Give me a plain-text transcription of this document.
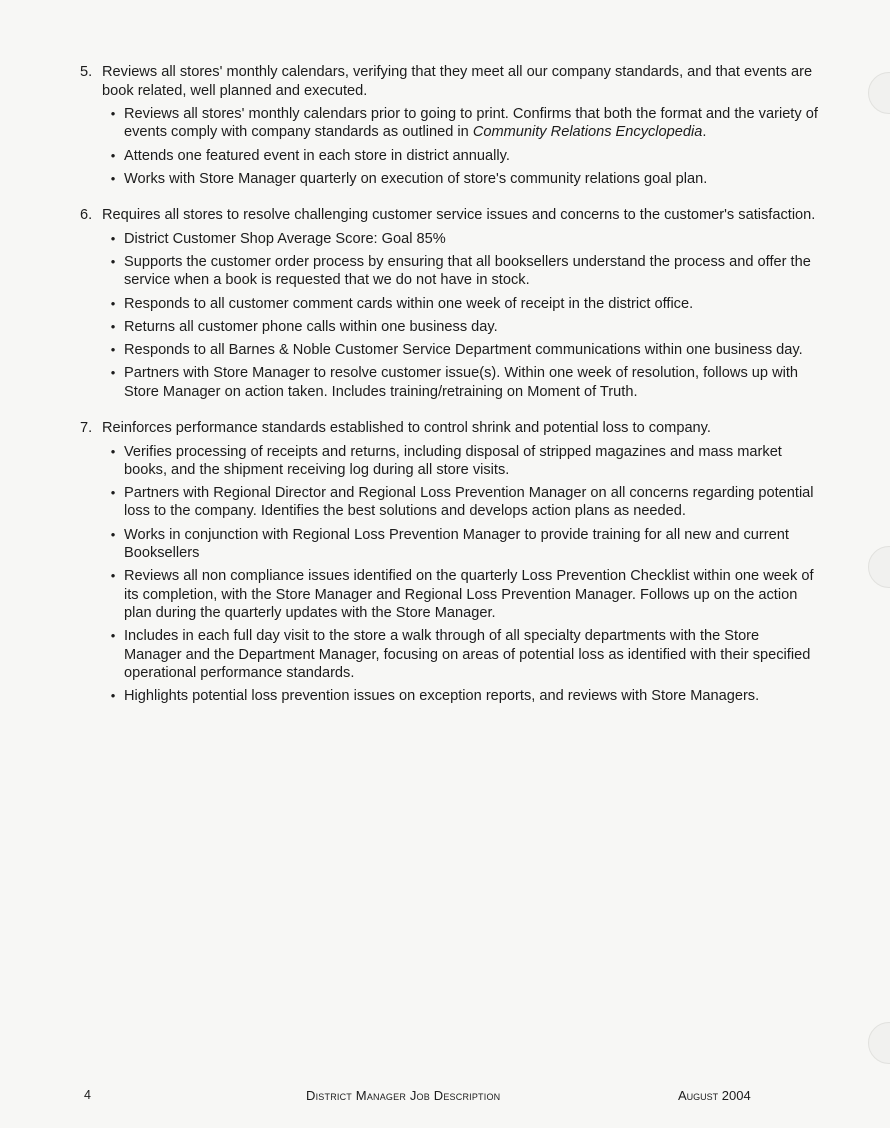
5. Reviews all stores' monthly calendars, verifying that they meet all our company standards, and that events are book related, well planned and executed.
• Reviews all stores' monthly calendars prior to going to print. Confirms that both the format and the variety of events comply with company standards as outlined in Community Relations Encyclopedia.
• Attends one featured event in each store in district annually.
• Works with Store Manager quarterly on execution of store's community relations goal plan.
6. Requires all stores to resolve challenging customer service issues and concerns to the customer's satisfaction.
• District Customer Shop Average Score: Goal 85%
• Supports the customer order process by ensuring that all booksellers understand the process and offer the service when a book is requested that we do not have in stock.
• Responds to all customer comment cards within one week of receipt in the district office.
• Returns all customer phone calls within one business day.
• Responds to all Barnes & Noble Customer Service Department communications within one business day.
• Partners with Store Manager to resolve customer issue(s). Within one week of resolution, follows up with Store Manager on action taken. Includes training/retraining on Moment of Truth.
7. Reinforces performance standards established to control shrink and potential loss to company.
• Verifies processing of receipts and returns, including disposal of stripped magazines and mass market books, and the shipment receiving log during all store visits.
• Partners with Regional Director and Regional Loss Prevention Manager on all concerns regarding potential loss to the company. Identifies the best solutions and develops action plans as needed.
• Works in conjunction with Regional Loss Prevention Manager to provide training for all new and current Booksellers
• Reviews all non compliance issues identified on the quarterly Loss Prevention Checklist within one week of its completion, with the Store Manager and Regional Loss Prevention Manager. Follows up on the action plan during the quarterly updates with the Store Manager.
• Includes in each full day visit to the store a walk through of all specialty departments with the Store Manager and the Department Manager, focusing on areas of potential loss as identified with their specified operational performance standards.
• Highlights potential loss prevention issues on exception reports, and reviews with Store Managers.
4	District Manager Job Description	August 2004
